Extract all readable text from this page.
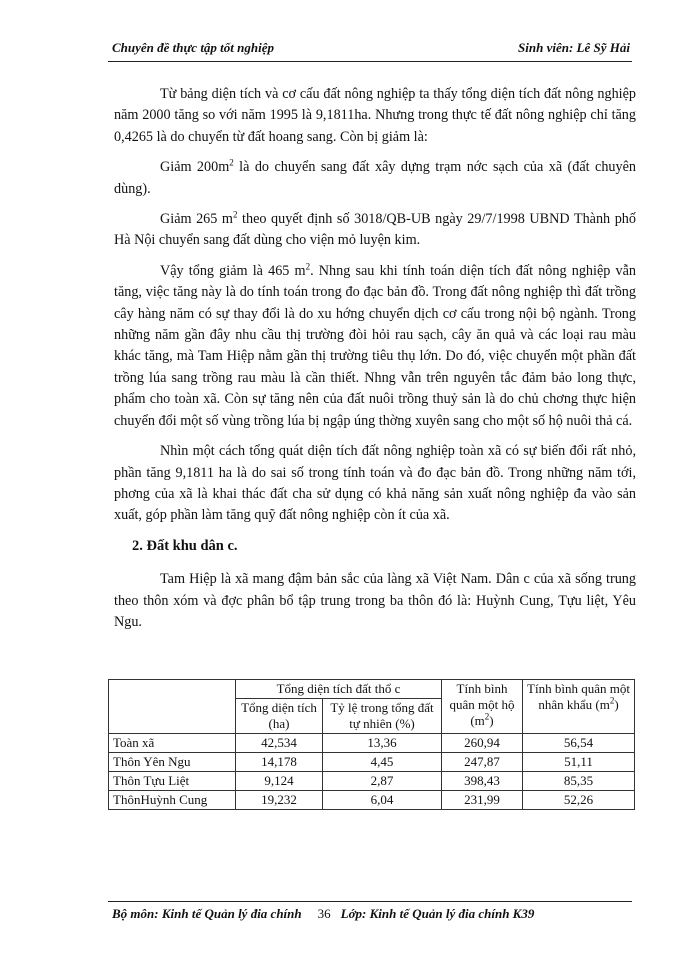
Chuyên đề thực tập tốt nghiệp	Sinh viên: Lê Sỹ Hải

Từ bảng diện tích và cơ cấu đất nông nghiệp ta thấy tổng diện tích đất nông nghiệp năm 2000 tăng so với năm 1995 là 9,1811ha. Nhưng trong thực tế đất nông nghiệp chỉ tăng 0,4265 là do chuyển từ đất hoang sang. Còn bị giảm là:

Giảm $200m^2$ là do chuyển sang đất xây dựng trạm nớc sạch của xã (đất chuyên dùng).

Giảm 265 $m^2$ theo quyết định số 3018/QB-UB ngày 29/7/1998 UBND Thành phố Hà Nội chuyển sang đất dùng cho viện mỏ luyện kim.

Vậy tổng giảm là 465 $m^2$. Nhng sau khi tính toán diện tích đất nông nghiệp vẫn tăng, việc tăng này là do tính toán trong đo đạc bản đồ. Trong đất nông nghiệp thì đất trồng cây hàng năm có sự thay đổi là do xu hớng chuyển dịch cơ cấu trong nội bộ ngành. Trong những năm gần đây nhu cầu thị trường đòi hỏi rau sạch, cây ăn quả và các loại rau màu khác tăng, mà Tam Hiệp nằm gần thị trường tiêu thụ lớn. Do đó, việc chuyển một phần đất trồng lúa sang trồng rau màu là cần thiết. Nhng vẫn trên nguyên tắc đảm bảo long thực, phẩm cho toàn xã. Còn sự tăng nên của đất nuôi trồng thuỷ sản là do chủ chơng thực hiện chuyển đổi một số vùng trồng lúa bị ngập úng thờng xuyên sang cho một số hộ nuôi thả cá.

Nhìn một cách tổng quát diện tích đất nông nghiệp toàn xã có sự biến đổi rất nhỏ, phần tăng 9,1811 ha là do sai số trong tính toán và đo đạc bản đồ. Trong những năm tới, phơng của xã là khai thác đất cha sử dụng có khả năng sản xuất nông nghiệp đa vào sản xuất, góp phần làm tăng quỹ đất nông nghiệp còn ít của xã.

2. Đất khu dân c.

Tam Hiệp là xã mang đậm bản sắc của làng xã Việt Nam. Dân c của xã sống trung theo thôn xóm và đợc phân bổ tập trung trong ba thôn đó là: Huỳnh Cung, Tựu liệt, Yêu Ngu.

	Tổng diện tích đất thổ c		Tính bình quân một hộ $(m^2)$	Tính bình quân một nhân khẩu $(m^2)$
	Tổng diện tích (ha)	Tỷ lệ trong tổng đất tự nhiên (%)		
Toàn xã	42,534	13,36	260,94	56,54
Thôn Yên Ngu	14,178	4,45	247,87	51,11
Thôn Tựu Liệt	9,124	2,87	398,43	85,35
ThônHuỳnh Cung	19,232	6,04	231,99	52,26
Bộ môn: Kinh tế Quản lý đia chính 36 Lớp: Kinh tế Quản lý đia chính K39
